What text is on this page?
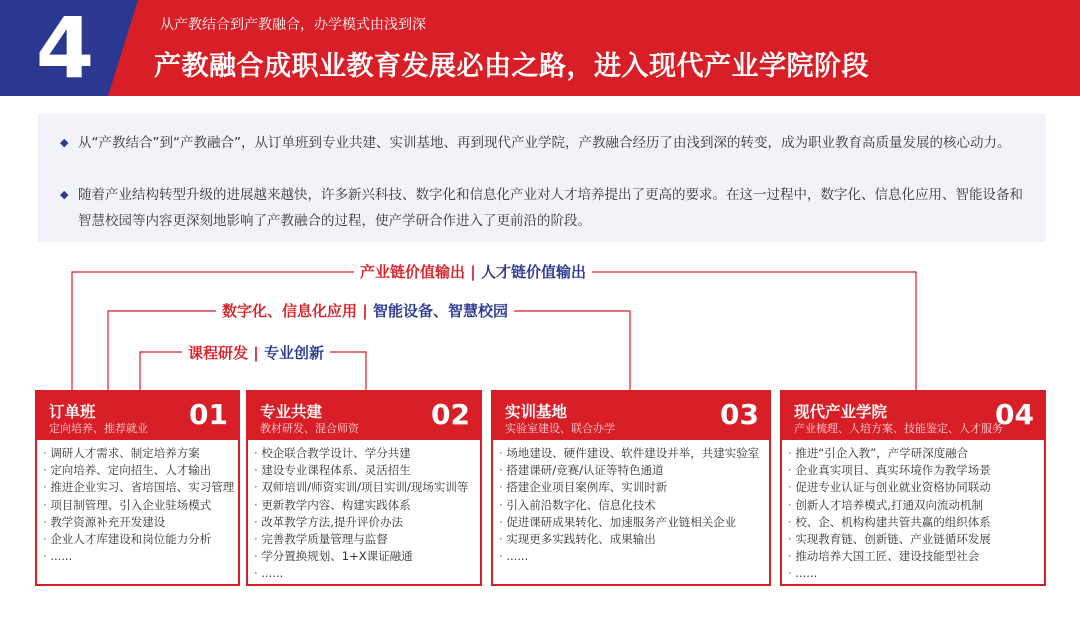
4	从产教结合到产教融合，办学模式由浅到深
产教融合成职业教育发展必由之路，进入现代产业学院阶段
◆ 从“产教结合”到“产教融合”，从订单班到专业共建、实训基地、再到现代产业学院，产教融合经历了由浅到深的转变，成为职业教育高质量发展的核心动力。
◆ 随着产业结构转型升级的进展越来越快，许多新兴科技、数字化和信息化产业对人才培养提出了更高的要求。在这一过程中，数字化、信息化应用、智能设备和智慧校园等内容更深刻地影响了产教融合的过程，使产学研合作进入了更前沿的阶段。
产业链价值输出 | 人才链价值输出
数字化、信息化应用 | 智能设备、智慧校园
课程研发 | 专业创新
订单班
定向培养、推荐就业 01
· 调研人才需求、制定培养方案
· 定向培养、定向招生、人才输出
· 推进企业实习、省培国培、实习管理
· 项目制管理、引入企业驻场模式
· 教学资源补充开发建设
· 企业人才库建设和岗位能力分析
· ......
专业共建
教材研发、混合师资	02
· 校企联合教学设计、学分共建
· 建设专业课程体系、灵活招生
· 双师培训/师资实训/项目实训/现场实训等
· 更新教学内容、构建实践体系
· 改革教学方法,提升评价办法
· 完善教学质量管理与监督
· 学分置换规划、1+X课证融通
· ......
实训基地
实验室建设、联合办学	03
· 场地建设、硬件建设、软件建设并举，共建实验室
· 搭建课研/竞赛/认证等特色通道
· 搭建企业项目案例库、实训时新
· 引入前沿数字化、信息化技术
· 促进课研成果转化、加速服务产业链相关企业
· 实现更多实践转化、成果输出
· ......
现代产业学院
产业梳理、人培方案、技能鉴定、人才服务
04
· 推进“引企入教”，产学研深度融合
· 企业真实项目、真实环境作为教学场景
· 促进专业认证与创业就业资格协同联动
· 创新人才培养模式,打通双向流动机制
· 校、企、机构构建共管共赢的组织体系
· 实现教育链、创新链、产业链循环发展
· 推动培养大国工匠、建设技能型社会
· ......
